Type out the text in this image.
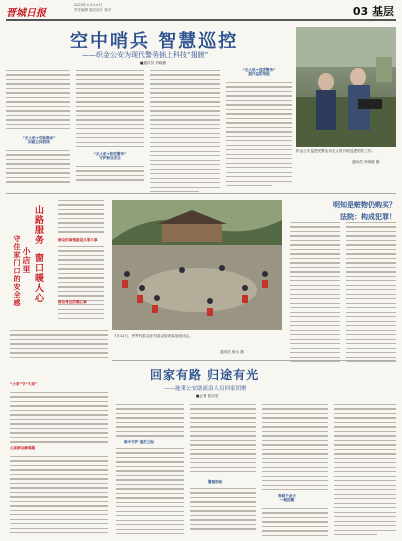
晋城日报
2023年×月××日
责任编辑 版式设计 校对	03 基层
空中哨兵 智慧巡控
——织金公安为现代警务插上科技“翅膀”
■通讯员 肖晓敏
织金公安巡逻民警运用无人机开展巡逻防控工作。
通讯员 肖晓敏 摄
“无人机+空地联动”
织就立体防线
“无人机+防控警务”
守护群众安全
“无人机+巡逻警务”
提升巡防效能
山路服务
小店里
守住家门口的安全感 窗口暖人心
群众的事情就是头等大事
群众身边的暖心事
7月12日，坪罗村群众在村委会院坝参加座谈会。
通讯员 杨永 摄
明知是赃物仍购买？
法院：构成犯罪！
“小家”守“大家”
心系群众解难题
回家有路 归途有光
——施秉公安助流浪人员回家团聚
■记者 张洁莹
暗中守护 迷茫之际
警察相助
等候千余天
一朝团聚
